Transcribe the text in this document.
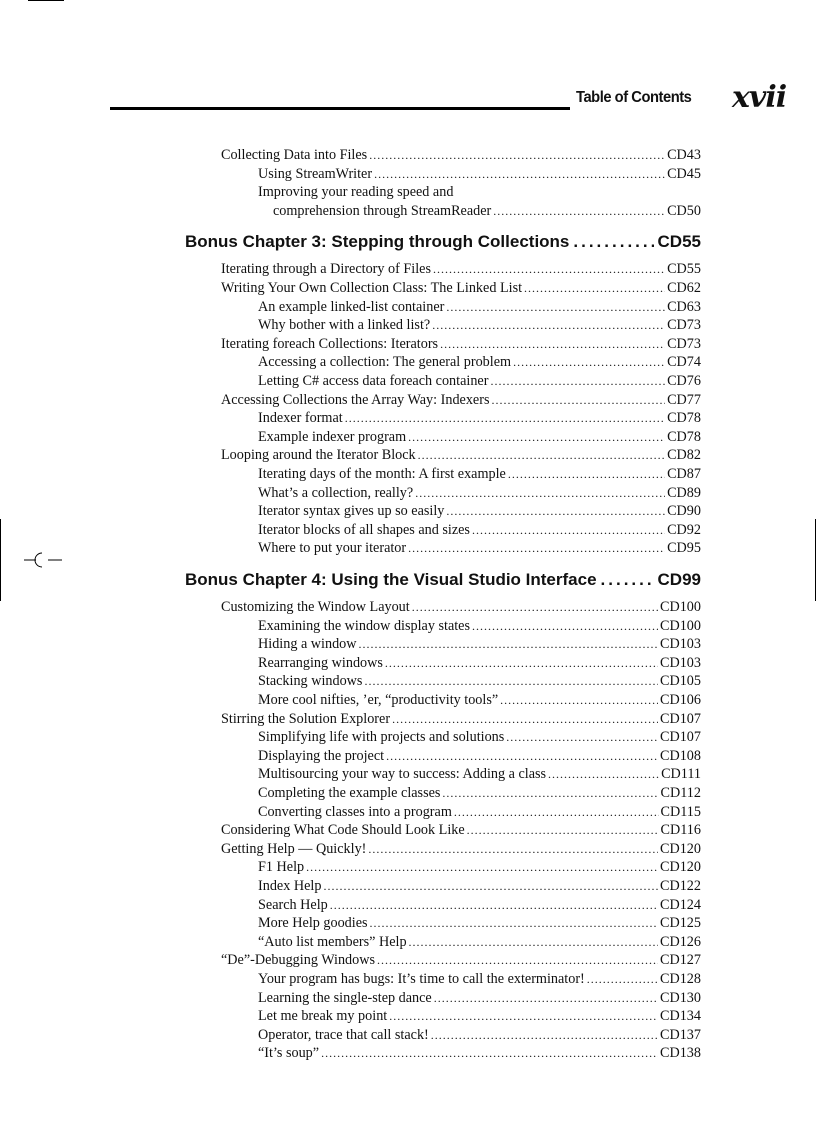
Table of Contents xvii
Collecting Data into Files .....	CD43
Using StreamWriter .....	CD45
Improving your reading speed and
comprehension through StreamReader .....	CD50
Bonus Chapter 3: Stepping through Collections .....	CD55
Iterating through a Directory of Files .....	CD55
Writing Your Own Collection Class: The Linked List .....	CD62
An example linked-list container .....	CD63
Why bother with a linked list? .....	CD73
Iterating foreach Collections: Iterators .....	CD73
Accessing a collection: The general problem .....	CD74
Letting C# access data foreach container .....	CD76
Accessing Collections the Array Way: Indexers .....	CD77
Indexer format .....	CD78
Example indexer program .....	CD78
Looping around the Iterator Block .....	CD82
Iterating days of the month: A first example .....	CD87
What’s a collection, really? .....	CD89
Iterator syntax gives up so easily .....	CD90
Iterator blocks of all shapes and sizes .....	CD92
Where to put your iterator .....	CD95
Bonus Chapter 4: Using the Visual Studio Interface .....	CD99
Customizing the Window Layout .....	CD100
Examining the window display states .....	CD100
Hiding a window .....	CD103
Rearranging windows .....	CD103
Stacking windows .....	CD105
More cool nifties, ’er, “productivity tools” .....	CD106
Stirring the Solution Explorer .....	CD107
Simplifying life with projects and solutions .....	CD107
Displaying the project .....	CD108
Multisourcing your way to success: Adding a class .....	CD111
Completing the example classes .....	CD112
Converting classes into a program .....	CD115
Considering What Code Should Look Like .....	CD116
Getting Help — Quickly! .....	CD120
F1 Help .....	CD120
Index Help .....	CD122
Search Help .....	CD124
More Help goodies .....	CD125
“Auto list members” Help .....	CD126
“De”-Debugging Windows .....	CD127
Your program has bugs: It’s time to call the exterminator! .....	CD128
Learning the single-step dance .....	CD130
Let me break my point .....	CD134
Operator, trace that call stack! .....	CD137
“It’s soup” .....	CD138
